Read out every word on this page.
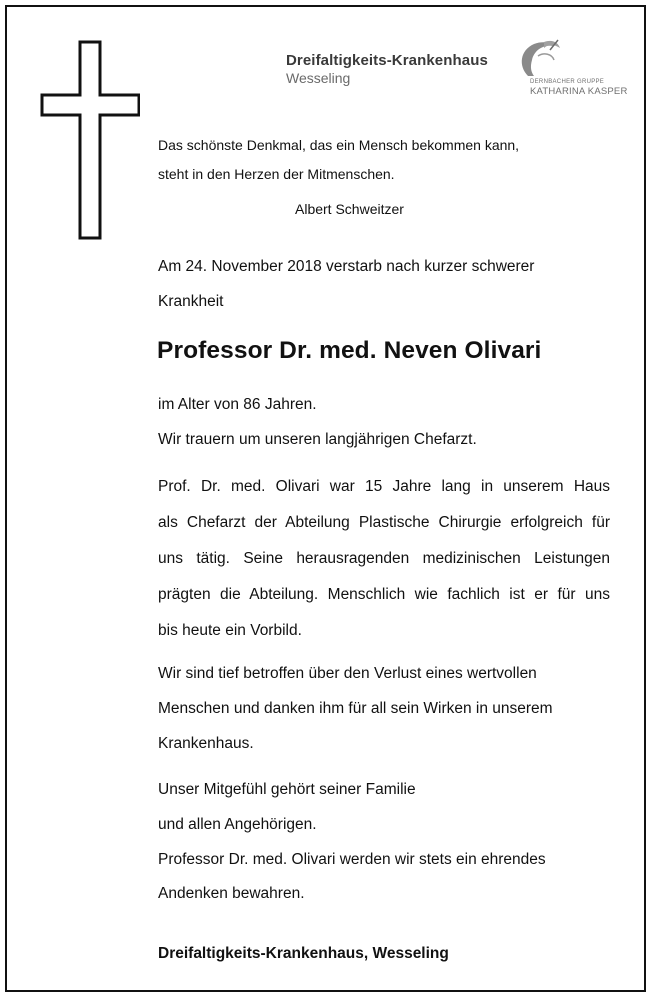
Dreifaltigkeits-Krankenhaus
Wesseling	DERNBACHER GRUPPE
KATHARINA KASPER
Das schönste Denkmal, das ein Mensch bekommen kann,
steht in den Herzen der Mitmenschen.
Albert Schweitzer
Am 24. November 2018 verstarb nach kurzer schwerer
Krankheit
Professor Dr. med. Neven Olivari
im Alter von 86 Jahren.
Wir trauern um unseren langjährigen Chefarzt.
Prof. Dr. med. Olivari war 15 Jahre lang in unserem Haus
als Chefarzt der Abteilung Plastische Chirurgie erfolgreich für
uns tätig. Seine herausragenden medizinischen Leistungen
prägten die Abteilung. Menschlich wie fachlich ist er für uns
bis heute ein Vorbild.
Wir sind tief betroffen über den Verlust eines wertvollen
Menschen und danken ihm für all sein Wirken in unserem
Krankenhaus.
Unser Mitgefühl gehört seiner Familie
und allen Angehörigen.
Professor Dr. med. Olivari werden wir stets ein ehrendes
Andenken bewahren.
Dreifaltigkeits-Krankenhaus, Wesseling
